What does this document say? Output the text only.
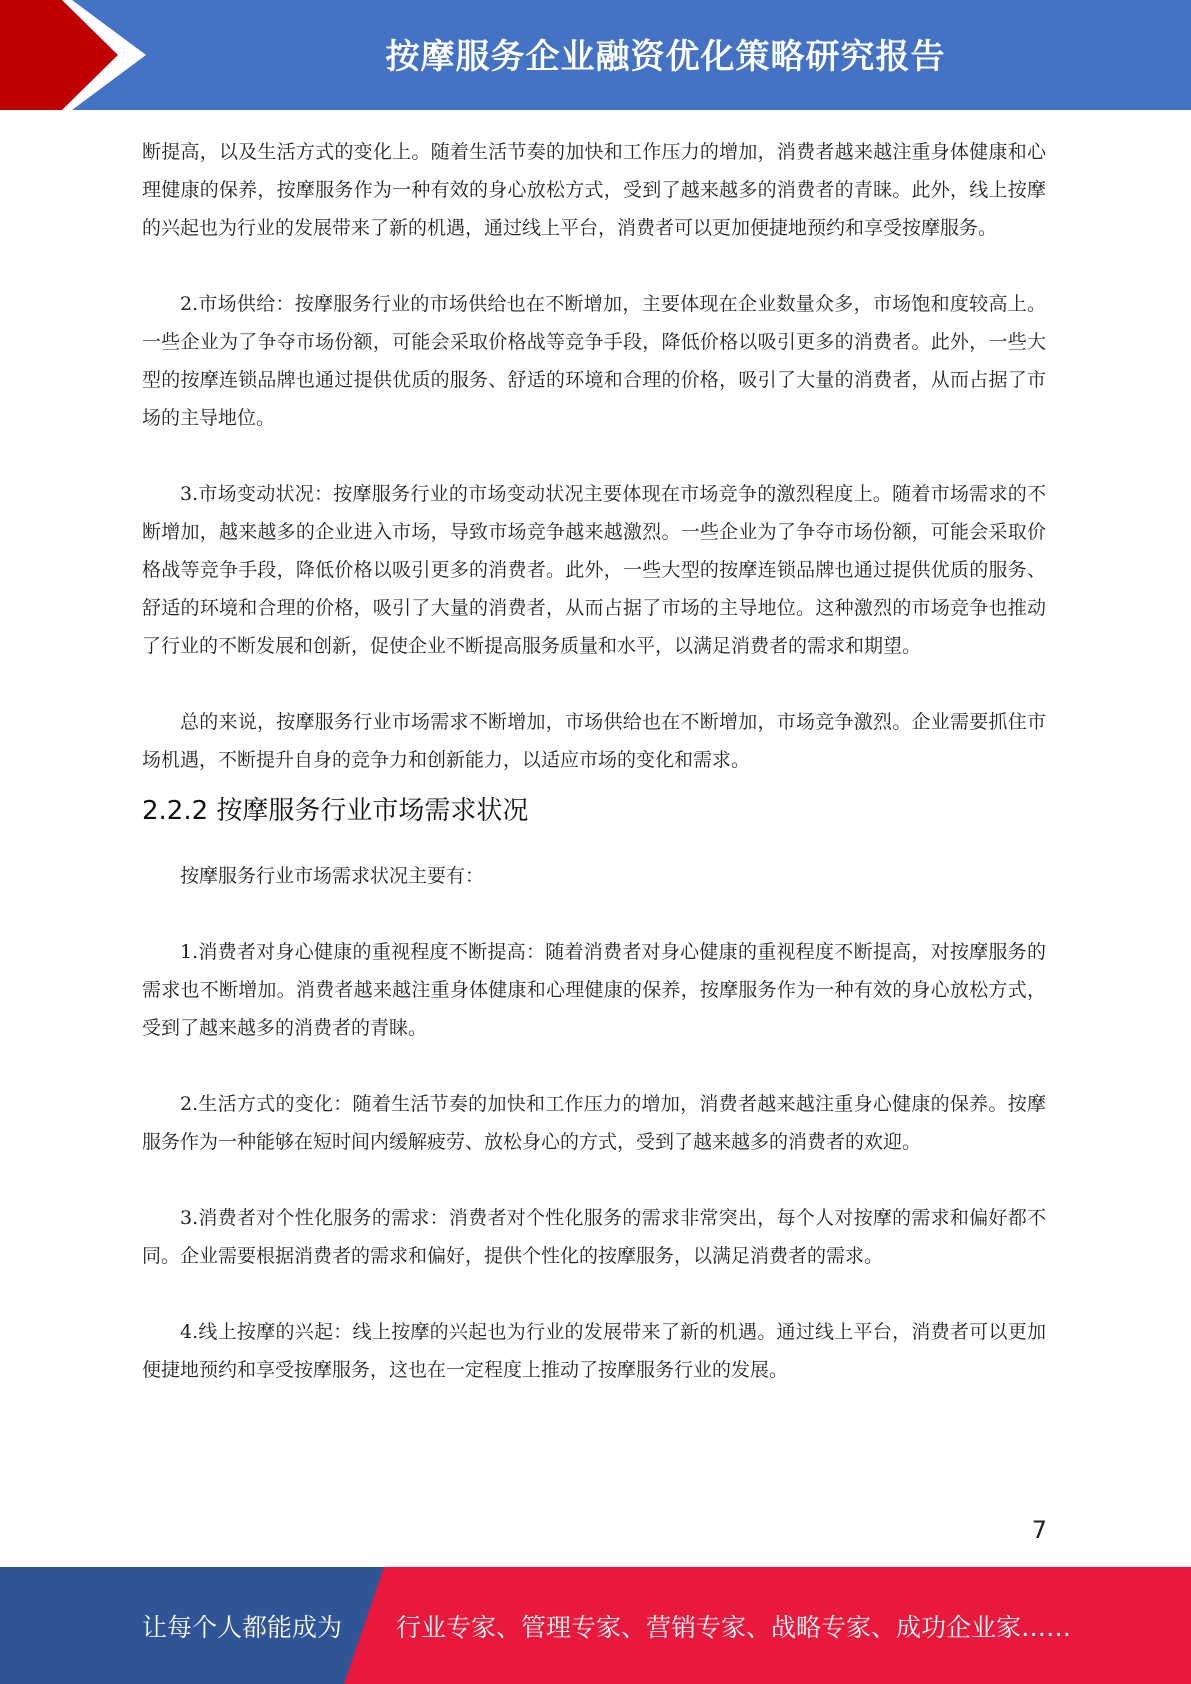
按摩服务企业融资优化策略研究报告

断提高，以及生活方式的变化上。随着生活节奏的加快和工作压力的增加，消费者越来越注重身体健康和心理健康的保养，按摩服务作为一种有效的身心放松方式，受到了越来越多的消费者的青睐。此外，线上按摩的兴起也为行业的发展带来了新的机遇，通过线上平台，消费者可以更加便捷地预约和享受按摩服务。

2.市场供给：按摩服务行业的市场供给也在不断增加，主要体现在企业数量众多，市场饱和度较高上。一些企业为了争夺市场份额，可能会采取价格战等竞争手段，降低价格以吸引更多的消费者。此外，一些大型的按摩连锁品牌也通过提供优质的服务、舒适的环境和合理的价格，吸引了大量的消费者，从而占据了市场的主导地位。

3.市场变动状况：按摩服务行业的市场变动状况主要体现在市场竞争的激烈程度上。随着市场需求的不断增加，越来越多的企业进入市场，导致市场竞争越来越激烈。一些企业为了争夺市场份额，可能会采取价格战等竞争手段，降低价格以吸引更多的消费者。此外，一些大型的按摩连锁品牌也通过提供优质的服务、舒适的环境和合理的价格，吸引了大量的消费者，从而占据了市场的主导地位。这种激烈的市场竞争也推动了行业的不断发展和创新，促使企业不断提高服务质量和水平，以满足消费者的需求和期望。

总的来说，按摩服务行业市场需求不断增加，市场供给也在不断增加，市场竞争激烈。企业需要抓住市场机遇，不断提升自身的竞争力和创新能力，以适应市场的变化和需求。

2.2.2 按摩服务行业市场需求状况

按摩服务行业市场需求状况主要有：

1.消费者对身心健康的重视程度不断提高：随着消费者对身心健康的重视程度不断提高，对按摩服务的需求也不断增加。消费者越来越注重身体健康和心理健康的保养，按摩服务作为一种有效的身心放松方式，受到了越来越多的消费者的青睐。

2.生活方式的变化：随着生活节奏的加快和工作压力的增加，消费者越来越注重身心健康的保养。按摩服务作为一种能够在短时间内缓解疲劳、放松身心的方式，受到了越来越多的消费者的欢迎。

3.消费者对个性化服务的需求：消费者对个性化服务的需求非常突出，每个人对按摩的需求和偏好都不同。企业需要根据消费者的需求和偏好，提供个性化的按摩服务，以满足消费者的需求。

4.线上按摩的兴起：线上按摩的兴起也为行业的发展带来了新的机遇。通过线上平台，消费者可以更加便捷地预约和享受按摩服务，这也在一定程度上推动了按摩服务行业的发展。

7
让每个人都能成为 行业专家、管理专家、营销专家、战略专家、成功企业家……
